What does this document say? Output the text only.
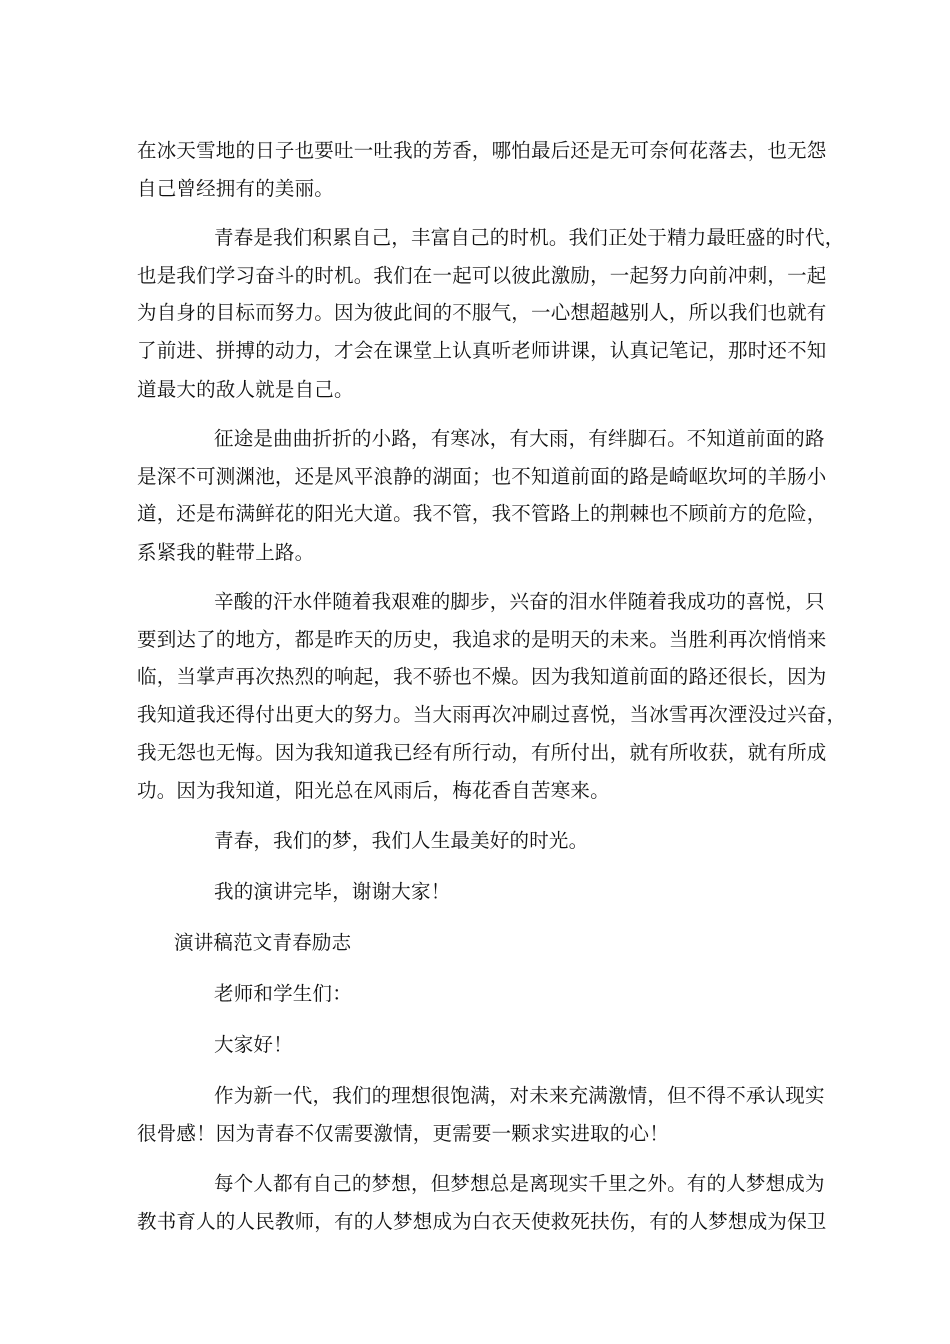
在冰天雪地的日子也要吐一吐我的芳香，哪怕最后还是无可奈何花落去，也无怨
自己曾经拥有的美丽。
青春是我们积累自己，丰富自己的时机。我们正处于精力最旺盛的时代，
也是我们学习奋斗的时机。我们在一起可以彼此激励，一起努力向前冲刺，一起
为自身的目标而努力。因为彼此间的不服气，一心想超越别人，所以我们也就有
了前进、拼搏的动力，才会在课堂上认真听老师讲课，认真记笔记，那时还不知
道最大的敌人就是自己。
征途是曲曲折折的小路，有寒冰，有大雨，有绊脚石。不知道前面的路
是深不可测渊池，还是风平浪静的湖面；也不知道前面的路是崎岖坎坷的羊肠小
道，还是布满鲜花的阳光大道。我不管，我不管路上的荆棘也不顾前方的危险，
系紧我的鞋带上路。
辛酸的汗水伴随着我艰难的脚步，兴奋的泪水伴随着我成功的喜悦，只
要到达了的地方，都是昨天的历史，我追求的是明天的未来。当胜利再次悄悄来
临，当掌声再次热烈的响起，我不骄也不燥。因为我知道前面的路还很长，因为
我知道我还得付出更大的努力。当大雨再次冲刷过喜悦，当冰雪再次湮没过兴奋，
我无怨也无悔。因为我知道我已经有所行动，有所付出，就有所收获，就有所成
功。因为我知道，阳光总在风雨后，梅花香自苦寒来。
青春，我们的梦，我们人生最美好的时光。
我的演讲完毕，谢谢大家！
演讲稿范文青春励志
老师和学生们：
大家好！
作为新一代，我们的理想很饱满，对未来充满激情，但不得不承认现实
很骨感！因为青春不仅需要激情，更需要一颗求实进取的心！
每个人都有自己的梦想，但梦想总是离现实千里之外。有的人梦想成为
教书育人的人民教师，有的人梦想成为白衣天使救死扶伤，有的人梦想成为保卫
